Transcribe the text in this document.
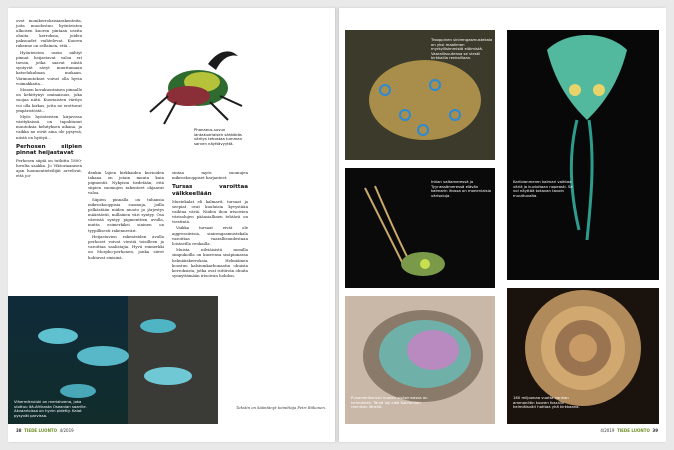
ovat monikerroksisiarakenteita, joita muodostuu hyönteisten ulkoisen kuoren pintaan useita ohuita kerroksia, joiden paksuudet vaihtelevat. Kuoren rakenne on sellainen, että...

Hyönteisten usein nähtyt pinnat heijastavat valoa eri tavoin, jotka saavat niistä syntyvät sävyt muuttumaan katselukulman mukaan. Värimuutokset voivat olla hyvin voimakkaita...

Monen kovakuoriaisen pinnalle on kehittynyt ominaisuus, joka suojaa niitä. Kuoriaisten väritys voi olla kirkas, jotta ne erottuvat ympäristöstä...

Myös hyönteisten kirjavissa värityksissä on tapahtunut muutoksia kehityksen aikana, ja vaikka ne eivät aina ole pysyviä, niistä on hyötyä...

Perhosen siipien pinnat heijastavat

Perhosen siipiä on tutkittu 1800-luvulta saakka. Jo Viktoriaanisen ajan luonnontieteilijät arvelivat, että joi-

Phanaeus-suvun lantakuoriaisen sähkökäs väritys tehostaa tumman sarven näyttävyyttä.

denkin lajien kirkkaiden kuvioiden takana on jotain muuta kuin pigmentit. Nykyisin tiedetään, että siipien suomujen rakenteet ohjaavat valoa.

Siipien pinnalla on tuhansia mikroskooppisia suomuja, joilla pelkästään niiden muoto ja järjestys määräävät, millainen väri syntyy. Osa väreistä syntyy pigmenttien avulla, mutta esimerkiksi sininen on tyypillisesti rakenneväri.

Heijastuvien rakenteiden avulla perhoset voivat viestiä toisilleen ja varoittaa saalistajia. Hyvä esimerkki on Morpho-perhonen, jonka siivet hohtavat sinisinä.

sintaa myös suomujen mikroskooppiset harjanteet.

Tursas varoittaa välkkeellään

Mustekalat eli kalmarit, tursaat ja seepiat ovat kuuluisia kyvystään vaihtaa väriä. Niiden ihon irisoivien värisolujen pääasiallinen tehtävä on viestintä.

Vaikka tursaat eivät ole aggressiivisia, sinirengasmustekala varoittaa vaarallisuudestaan loistavilla renkailla.

Muista nilviäisistä monilla simpukoilla on kuorensa sisäpinnassa helmiäiskerroksia. Helmiäinen koostuu kalsiumkarbonaatin ohuista kerroksista, jotka ovat riittävän ohuita synnyttämään irisoivan hohdon.

Vihermikroluki on meriahvena, joka ulottuu Itä-Afrikasta Oseanian saarille. Akvaarioissa on hyvin pidetty. Kalat pysyvät parvissa.
Tekstin on kääntänyt toimittaja Petri Riikonen.
38 TIEDE LUONTO 4/2019
Trooppinen sinirengasmustekala on yksi maailman myrkyllisimmistä eläimistä. Vaarallisuutensa se viestii kirkkailla renkaillaan.
Karibianmeren kalmari vaihtaa väriä ja kuvioitaan nopeasti. Se voi näyttää tokavan tavoin muuttuvalta.
Intian valtameressä ja Tyynessämeressä elävän kalmarin ihossa on monenlaisia värisoluja.
Punamerikorvan kuoren sisäpinnassa on helmiäistä. Tämä laji elää Kalifornian rannikon lähellä.
160 miljoonaa vuotta vanhan ammoniitin kuoren fossiilin helmiäisväri hohtaa yhä kirkkaana.
4/2019 TIEDE LUONTO 39
